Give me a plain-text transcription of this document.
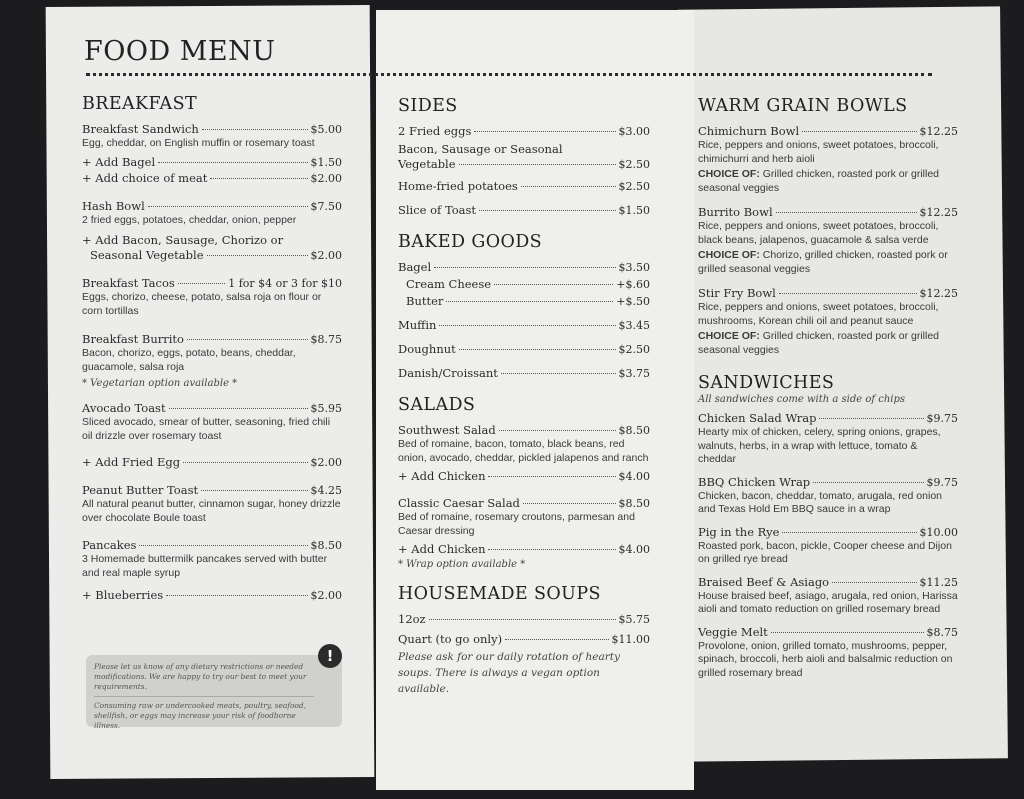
FOOD MENU
BREAKFAST
Breakfast Sandwich	$5.00
Egg, cheddar, on English muffin or rosemary toast
+ Add Bagel	$1.50
+ Add choice of meat	$2.00
Hash Bowl	$7.50
2 fried eggs, potatoes, cheddar, onion, pepper
+ Add Bacon, Sausage, Chorizo or
Seasonal Vegetable	$2.00
Breakfast Tacos	1 for $4 or 3 for $10
Eggs, chorizo, cheese, potato, salsa roja on flour or corn tortillas
Breakfast Burrito	$8.75
Bacon, chorizo, eggs, potato, beans, cheddar, guacamole, salsa roja
* Vegetarian option available *
Avocado Toast	$5.95
Sliced avocado, smear of butter, seasoning, fried chili oil drizzle over rosemary toast
+ Add Fried Egg	$2.00
Peanut Butter Toast	$4.25
All natural peanut butter, cinnamon sugar, honey drizzle over chocolate Boule toast
Pancakes	$8.50
3 Homemade buttermilk pancakes served with butter and real maple syrup
+ Blueberries	$2.00

Please let us know of any dietary restrictions or needed modifications. We are happy to try our best to meet your requirements.

Consuming raw or undercooked meats, poultry, seafood, shellfish, or eggs may increase your risk of foodborne illness.

!
SIDES
2 Fried eggs	$3.00
Bacon, Sausage or Seasonal
Vegetable	$2.50
Home-fried potatoes	$2.50
Slice of Toast	$1.50
BAKED GOODS
Bagel	$3.50
Cream Cheese	+$.60
Butter	+$.50
Muffin	$3.45
Doughnut	$2.50
Danish/Croissant	$3.75
SALADS
Southwest Salad	$8.50
Bed of romaine, bacon, tomato, black beans, red onion, avocado, cheddar, pickled jalapenos and ranch
+ Add Chicken	$4.00
Classic Caesar Salad	$8.50
Bed of romaine, rosemary croutons, parmesan and Caesar dressing
+ Add Chicken	$4.00
* Wrap option available *
HOUSEMADE SOUPS
12oz	$5.75
Quart (to go only)	$11.00
Please ask for our daily rotation of hearty soups. There is always a vegan option available.
WARM GRAIN BOWLS
Chimichurn Bowl	$12.25
Rice, peppers and onions, sweet potatoes, broccoli, chimichurri and herb aioli
CHOICE OF: Grilled chicken, roasted pork or grilled seasonal veggies
Burrito Bowl	$12.25
Rice, peppers and onions, sweet potatoes, broccoli, black beans, jalapenos, guacamole & salsa verde
CHOICE OF: Chorizo, grilled chicken, roasted pork or grilled seasonal veggies
Stir Fry Bowl	$12.25
Rice, peppers and onions, sweet potatoes, broccoli, mushrooms, Korean chili oil and peanut sauce
CHOICE OF: Grilled chicken, roasted pork or grilled seasonal veggies
SANDWICHES
All sandwiches come with a side of chips
Chicken Salad Wrap	$9.75
Hearty mix of chicken, celery, spring onions, grapes, walnuts, herbs, in a wrap with lettuce, tomato & cheddar
BBQ Chicken Wrap	$9.75
Chicken, bacon, cheddar, tomato, arugala, red onion and Texas Hold Em BBQ sauce in a wrap
Pig in the Rye	$10.00
Roasted pork, bacon, pickle, Cooper cheese and Dijon on grilled rye bread
Braised Beef & Asiago	$11.25
House braised beef, asiago, arugala, red onion, Harissa aioli and tomato reduction on grilled rosemary bread
Veggie Melt	$8.75
Provolone, onion, grilled tomato, mushrooms, pepper, spinach, broccoli, herb aioli and balsalmic reduction on grilled rosemary bread
